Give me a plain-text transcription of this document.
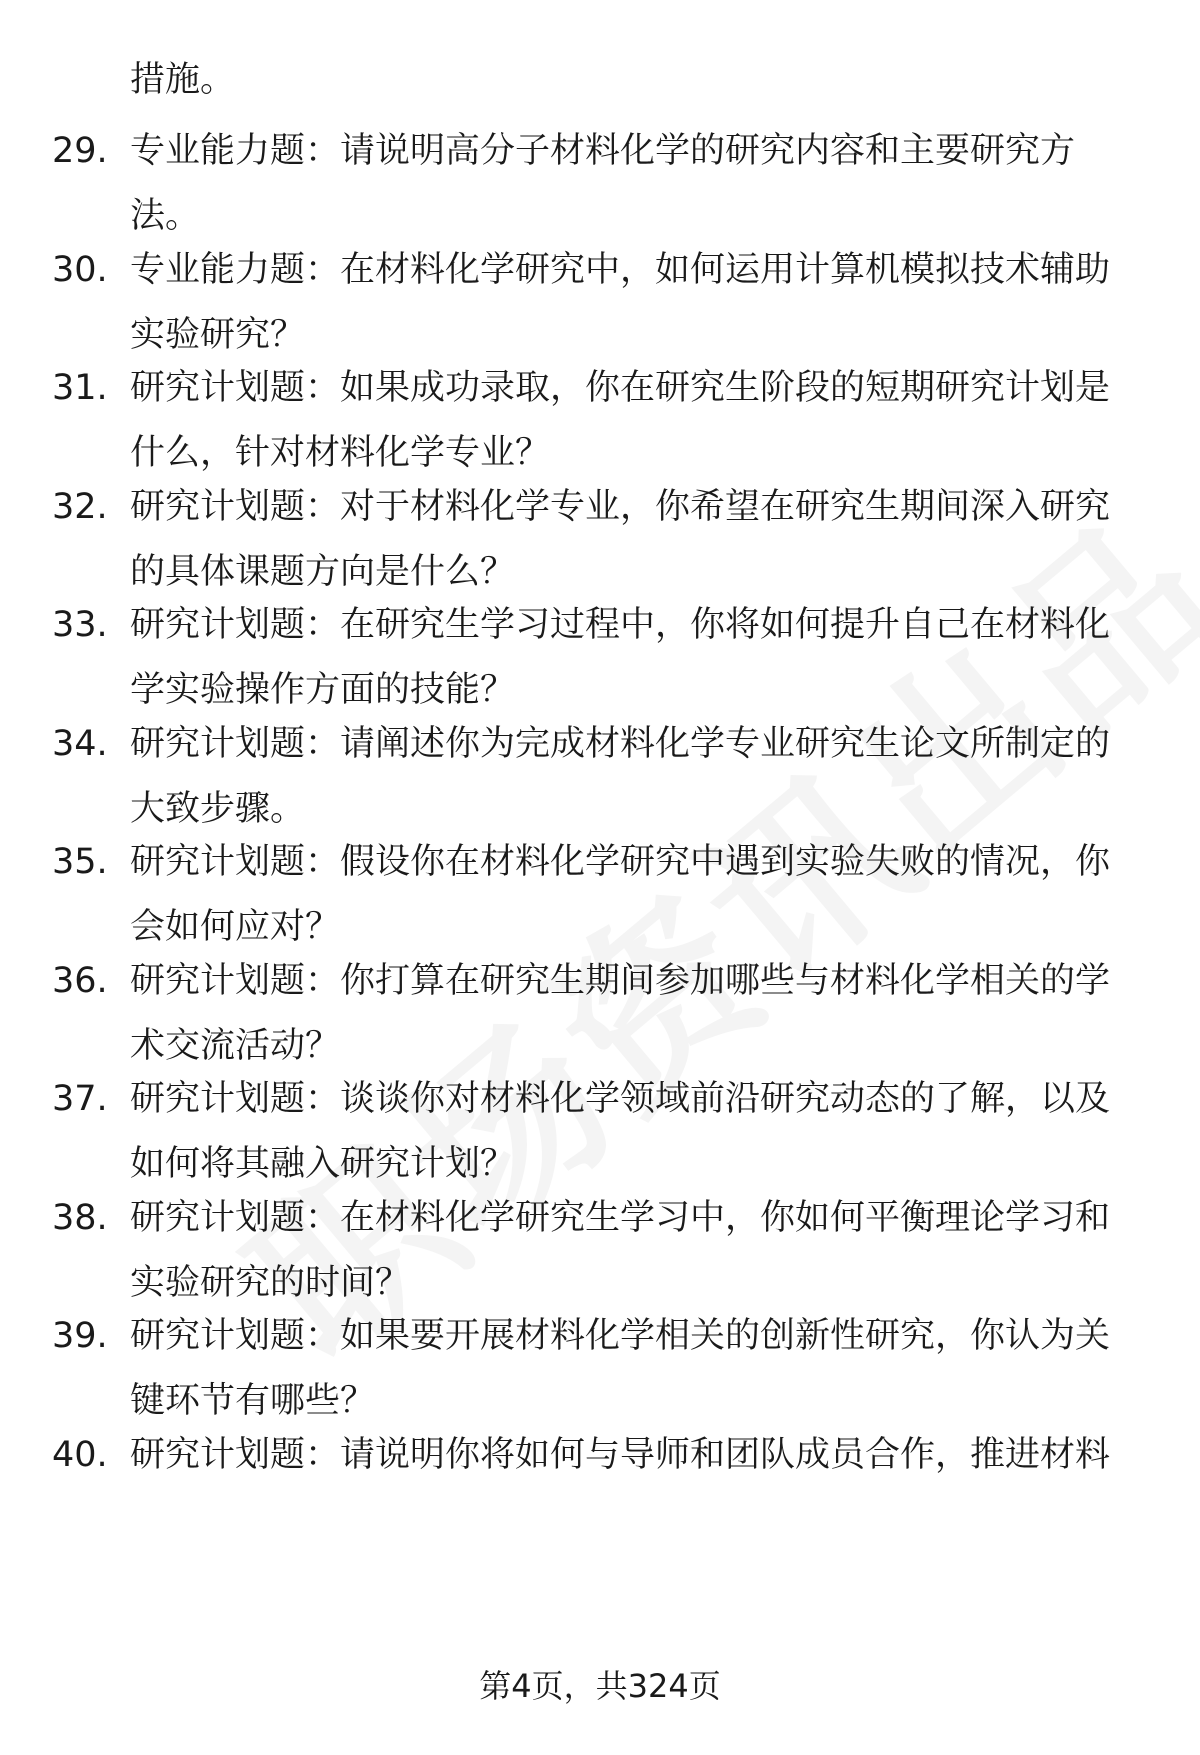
措施。
29. 专业能力题：请说明高分子材料化学的研究内容和主要研究方
法。
30. 专业能力题：在材料化学研究中，如何运用计算机模拟技术辅助
实验研究？
31. 研究计划题：如果成功录取，你在研究生阶段的短期研究计划是
什么，针对材料化学专业？
32. 研究计划题：对于材料化学专业，你希望在研究生期间深入研究
的具体课题方向是什么？
33. 研究计划题：在研究生学习过程中，你将如何提升自己在材料化
学实验操作方面的技能？
34. 研究计划题：请阐述你为完成材料化学专业研究生论文所制定的
大致步骤。
35. 研究计划题：假设你在材料化学研究中遇到实验失败的情况，你
会如何应对？
36. 研究计划题：你打算在研究生期间参加哪些与材料化学相关的学
术交流活动？
37. 研究计划题：谈谈你对材料化学领域前沿研究动态的了解，以及
如何将其融入研究计划？
38. 研究计划题：在材料化学研究生学习中，你如何平衡理论学习和
实验研究的时间？
39. 研究计划题：如果要开展材料化学相关的创新性研究，你认为关
键环节有哪些？
40. 研究计划题：请说明你将如何与导师和团队成员合作，推进材料
第4页，共324页
